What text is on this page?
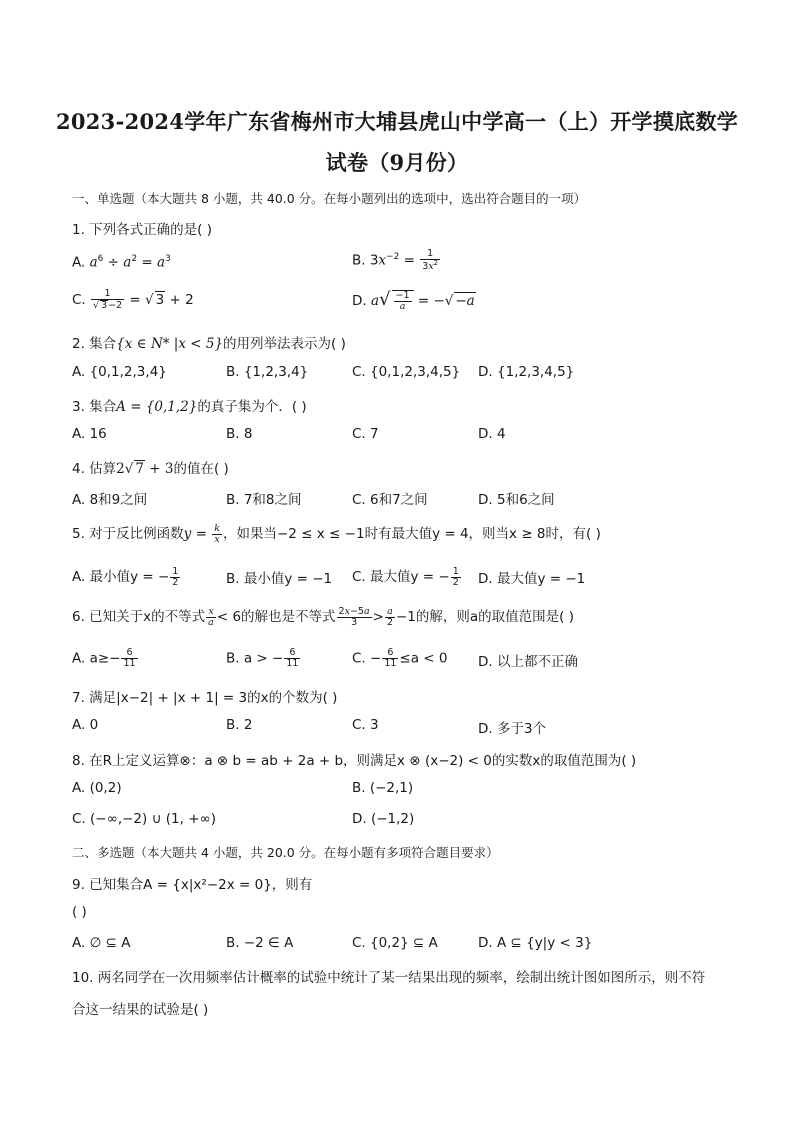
2023-2024学年广东省梅州市大埔县虎山中学高一（上）开学摸底数学
试卷（9月份）
一、单选题（本大题共 8 小题，共 40.0 分。在每小题列出的选项中，选出符合题目的一项）
1. 下列各式正确的是( )
A. $a^6 \div a^2 = a^3$	B. $3x^{-2} = \frac{1}{3x^2}$
C. $\frac{1}{√ 3-2}$ = √ 3 + 2	D. $a√ \frac{-1}{a}$ = −√ −a
2. 集合{x ∈ N* |x < 5}的用列举法表示为( )
A. {0,1,2,3,4}	B. {1,2,3,4}	C. {0,1,2,3,4,5} D. {1,2,3,4,5}
3. 集合A = {0,1,2}的真子集为个．( )
A. 16	B. 8	C. 7	D. 4
4. 估算2√ 7 + 3的值在( )
A. 8和9之间	B. 7和8之间	C. 6和7之间	D. 5和6之间
5. 对于反比例函数$y = \frac{k}{x}$ ，如果当−2 ≤ x ≤ −1时有最大值y = 4，则当x ≥ 8时，有( )
A. 最小值y = − $\frac{1}{2}$	B. 最小值y = −1 C. 最大值y = − $\frac{1}{2} D$. 最大值y = −1
6. 已知关于x的不等式 $\frac{x}{a} < 6$的解也是不等式 $\frac{2x-5a}{3} > \frac{a}{2} -1$的解，则a的取值范围是( )
A. $a\ge- \frac{6}{11}$	B. a > − $\frac{6}{11}$	C. − $\frac{6}{11} \le a < 0$ D. 以上都不正确
7. 满足|x−2| + |x + 1| = 3的x的个数为( )
A. 0	B. 2	C. 3	D. 多于3个
8. 在R上定义运算⊗：a ⊗ b = ab + 2a + b，则满足x ⊗ (x−2) < 0的实数x的取值范围为( )
A. (0,2)	B. (−2,1)
C. (−∞,−2) ∪ (1, +∞)	D. (−1,2)
二、多选题（本大题共 4 小题，共 20.0 分。在每小题有多项符合题目要求）
9. 已知集合A = {x|x²−2x = 0}，则有
( )
A. ∅ ⊆ A	B. −2 ∈ A	C. {0,2} ⊆ A	D. A ⊆ {y|y < 3}
10. 两名同学在一次用频率估计概率的试验中统计了某一结果出现的频率，绘制出统计图如图所示，则不符
合这一结果的试验是( )
